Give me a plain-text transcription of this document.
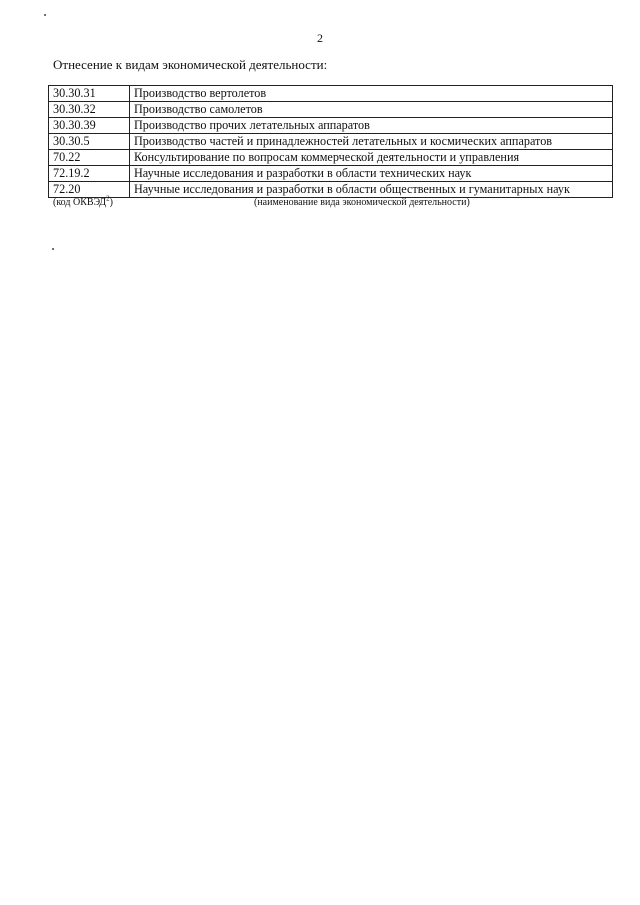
2
Отнесение к видам экономической деятельности:
30.30.31	Производство вертолетов
30.30.32	Производство самолетов
30.30.39	Производство прочих летательных аппаратов
30.30.5	Производство частей и принадлежностей летательных и космических аппаратов
70.22	Консультирование по вопросам коммерческой деятельности и управления
72.19.2	Научные исследования и разработки в области технических наук
72.20	Научные исследования и разработки в области общественных и гуманитарных наук
(код ОКВЭД$^2$)	(наименование вида экономической деятельности)
